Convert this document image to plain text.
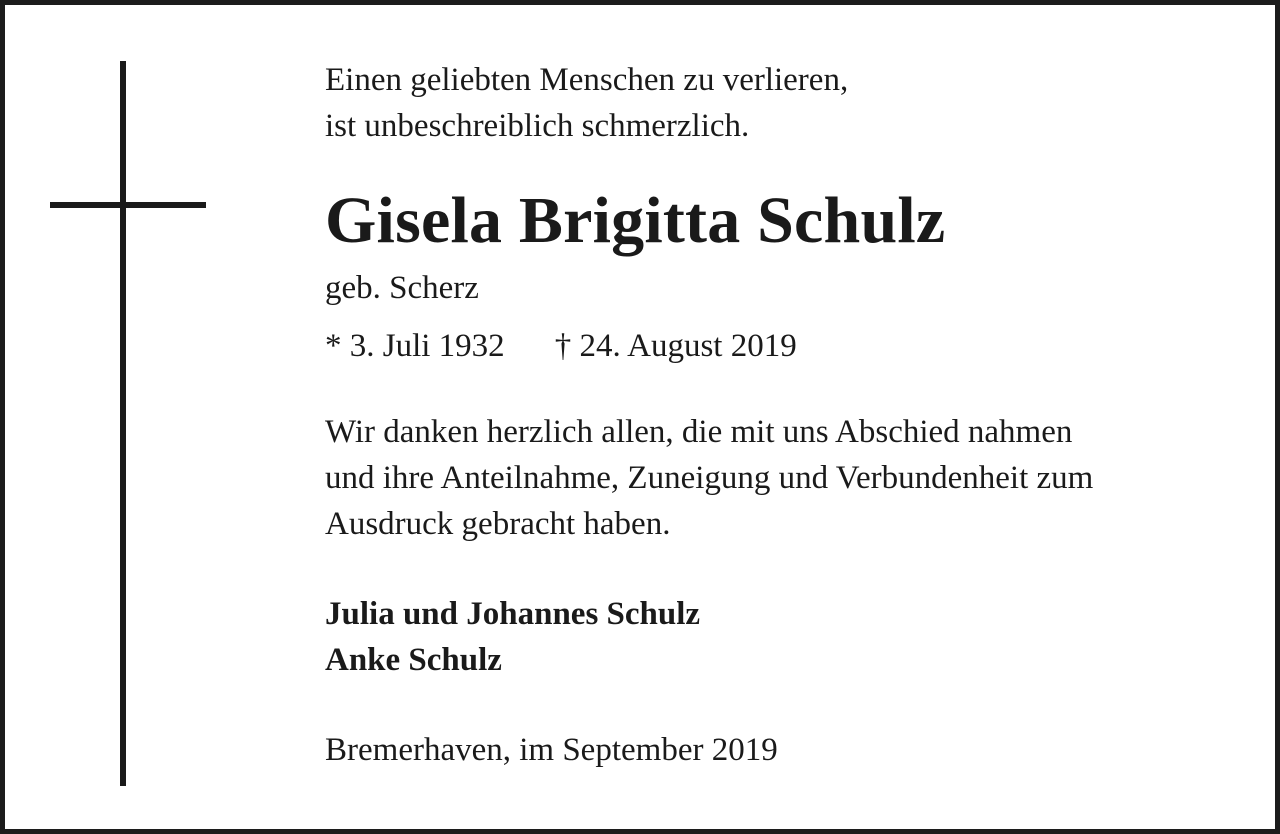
Einen geliebten Menschen zu verlieren,
ist unbeschreiblich schmerzlich.
Gisela Brigitta Schulz
geb. Scherz
* 3. Juli 1932 † 24. August 2019
Wir danken herzlich allen, die mit uns Abschied nahmen
und ihre Anteilnahme, Zuneigung und Verbundenheit zum
Ausdruck gebracht haben.
Julia und Johannes Schulz
Anke Schulz
Bremerhaven, im September 2019
